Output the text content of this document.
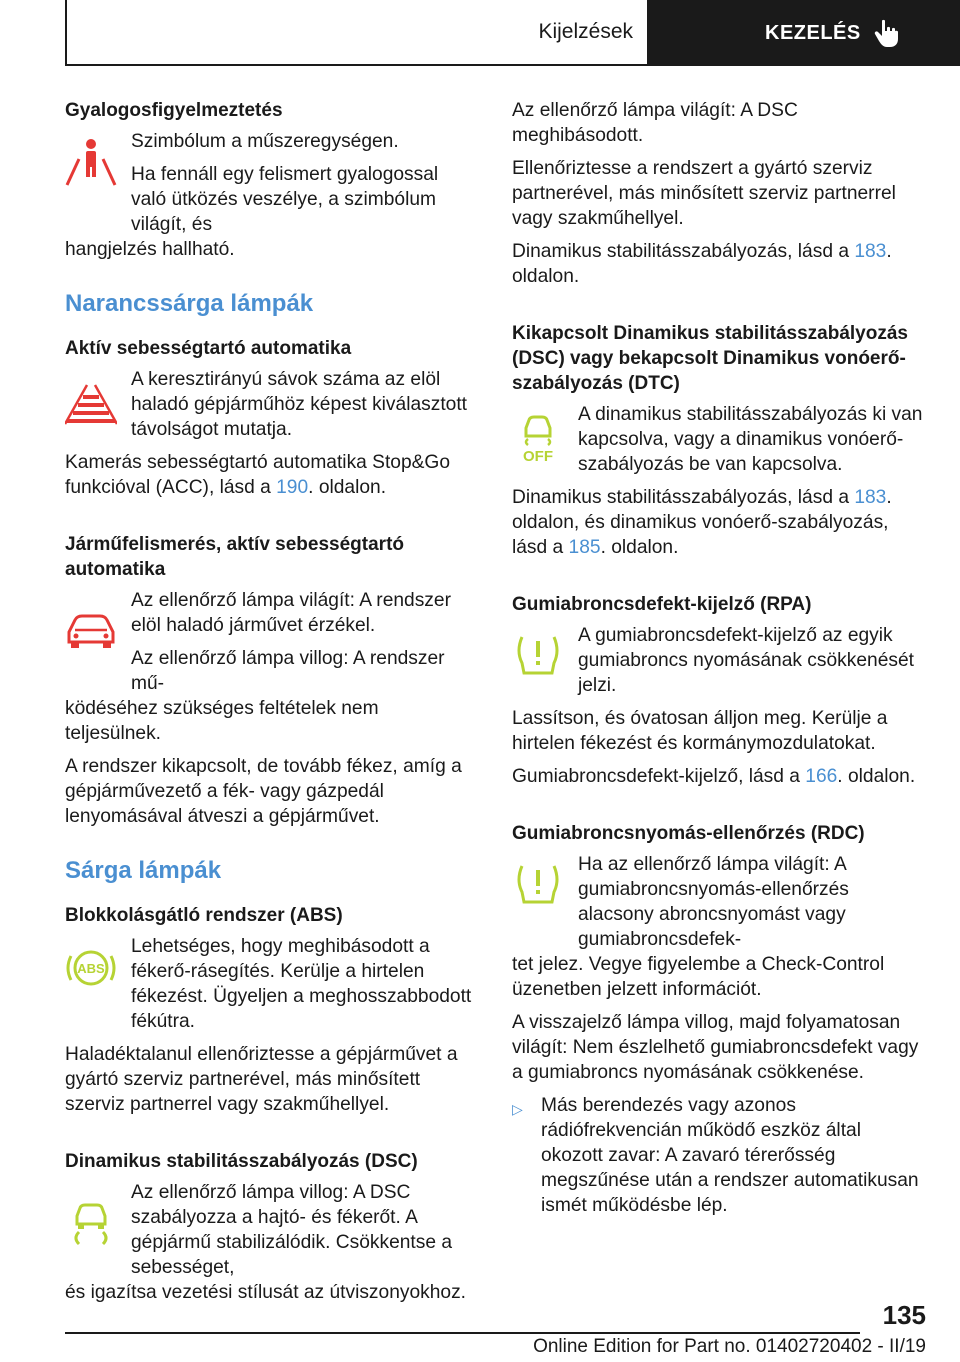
Kijelzések	KEZELÉS
Gyalogosfigyelmeztetés

Szimbólum a műszeregységen.

Ha fennáll egy felismert gyalogossal való ütközés veszélye, a szimbólum világít, és

hangjelzés hallható.

Narancssárga lámpák
Aktív sebességtartó automatika

A keresztirányú sávok száma az elöl haladó gépjárműhöz képest kiválasztott távolságot mutatja.

Kamerás sebességtartó automatika Stop&Go funkcióval (ACC), lásd a 190. oldalon.

Járműfelismerés, aktív sebességtartó automatika

Az ellenőrző lámpa világít: A rendszer elöl haladó járművet érzékel.

Az ellenőrző lámpa villog: A rendszer mű-

ködéséhez szükséges feltételek nem teljesülnek.

A rendszer kikapcsolt, de tovább fékez, amíg a gépjárművezető a fék- vagy gázpedál lenyomásával átveszi a gépjárművet.

Sárga lámpák
Blokkolásgátló rendszer (ABS)
ABS

Lehetséges, hogy meghibásodott a fékerő-rásegítés. Kerülje a hirtelen fékezést. Ügyeljen a meghosszabbodott fékútra.

Haladéktalanul ellenőriztesse a gépjárművet a gyártó szerviz partnerével, más minősített szerviz partnerrel vagy szakműhellyel.

Dinamikus stabilitásszabályozás (DSC)

Az ellenőrző lámpa villog: A DSC szabályozza a hajtó- és fékerőt. A gépjármű stabilizálódik. Csökkentse a sebességet,

és igazítsa vezetési stílusát az útviszonyokhoz.

Az ellenőrző lámpa világít: A DSC meghibásodott.

Ellenőriztesse a rendszert a gyártó szerviz partnerével, más minősített szerviz partnerrel vagy szakműhellyel.

Dinamikus stabilitásszabályozás, lásd a 183. oldalon.

Kikapcsolt Dinamikus stabilitásszabályozás (DSC) vagy bekapcsolt Dinamikus vonóerő-szabályozás (DTC)
OFF

A dinamikus stabilitásszabályozás ki van kapcsolva, vagy a dinamikus vonóerő-szabályozás be van kapcsolva.

Dinamikus stabilitásszabályozás, lásd a 183. oldalon, és dinamikus vonóerő-szabályozás, lásd a 185. oldalon.

Gumiabroncsdefekt-kijelző (RPA)

A gumiabroncsdefekt-kijelző az egyik gumiabroncs nyomásának csökkenését jelzi.

Lassítson, és óvatosan álljon meg. Kerülje a hirtelen fékezést és kormánymozdulatokat.

Gumiabroncsdefekt-kijelző, lásd a 166. oldalon.

Gumiabroncsnyomás-ellenőrzés (RDC)

Ha az ellenőrző lámpa világít: A gumiabroncsnyomás-ellenőrzés alacsony abroncsnyomást vagy gumiabroncsdefek-

tet jelez. Vegye figyelembe a Check-Control üzenetben jelzett információt.

A visszajelző lámpa villog, majd folyamatosan világít: Nem észlelhető gumiabroncsdefekt vagy a gumiabroncs nyomásának csökkenése.

▷ Más berendezés vagy azonos rádiófrekvencián működő eszköz által okozott zavar: A zavaró térerősség megszűnése után a rendszer automatikusan ismét működésbe lép.

135
Online Edition for Part no. 01402720402 - II/19
